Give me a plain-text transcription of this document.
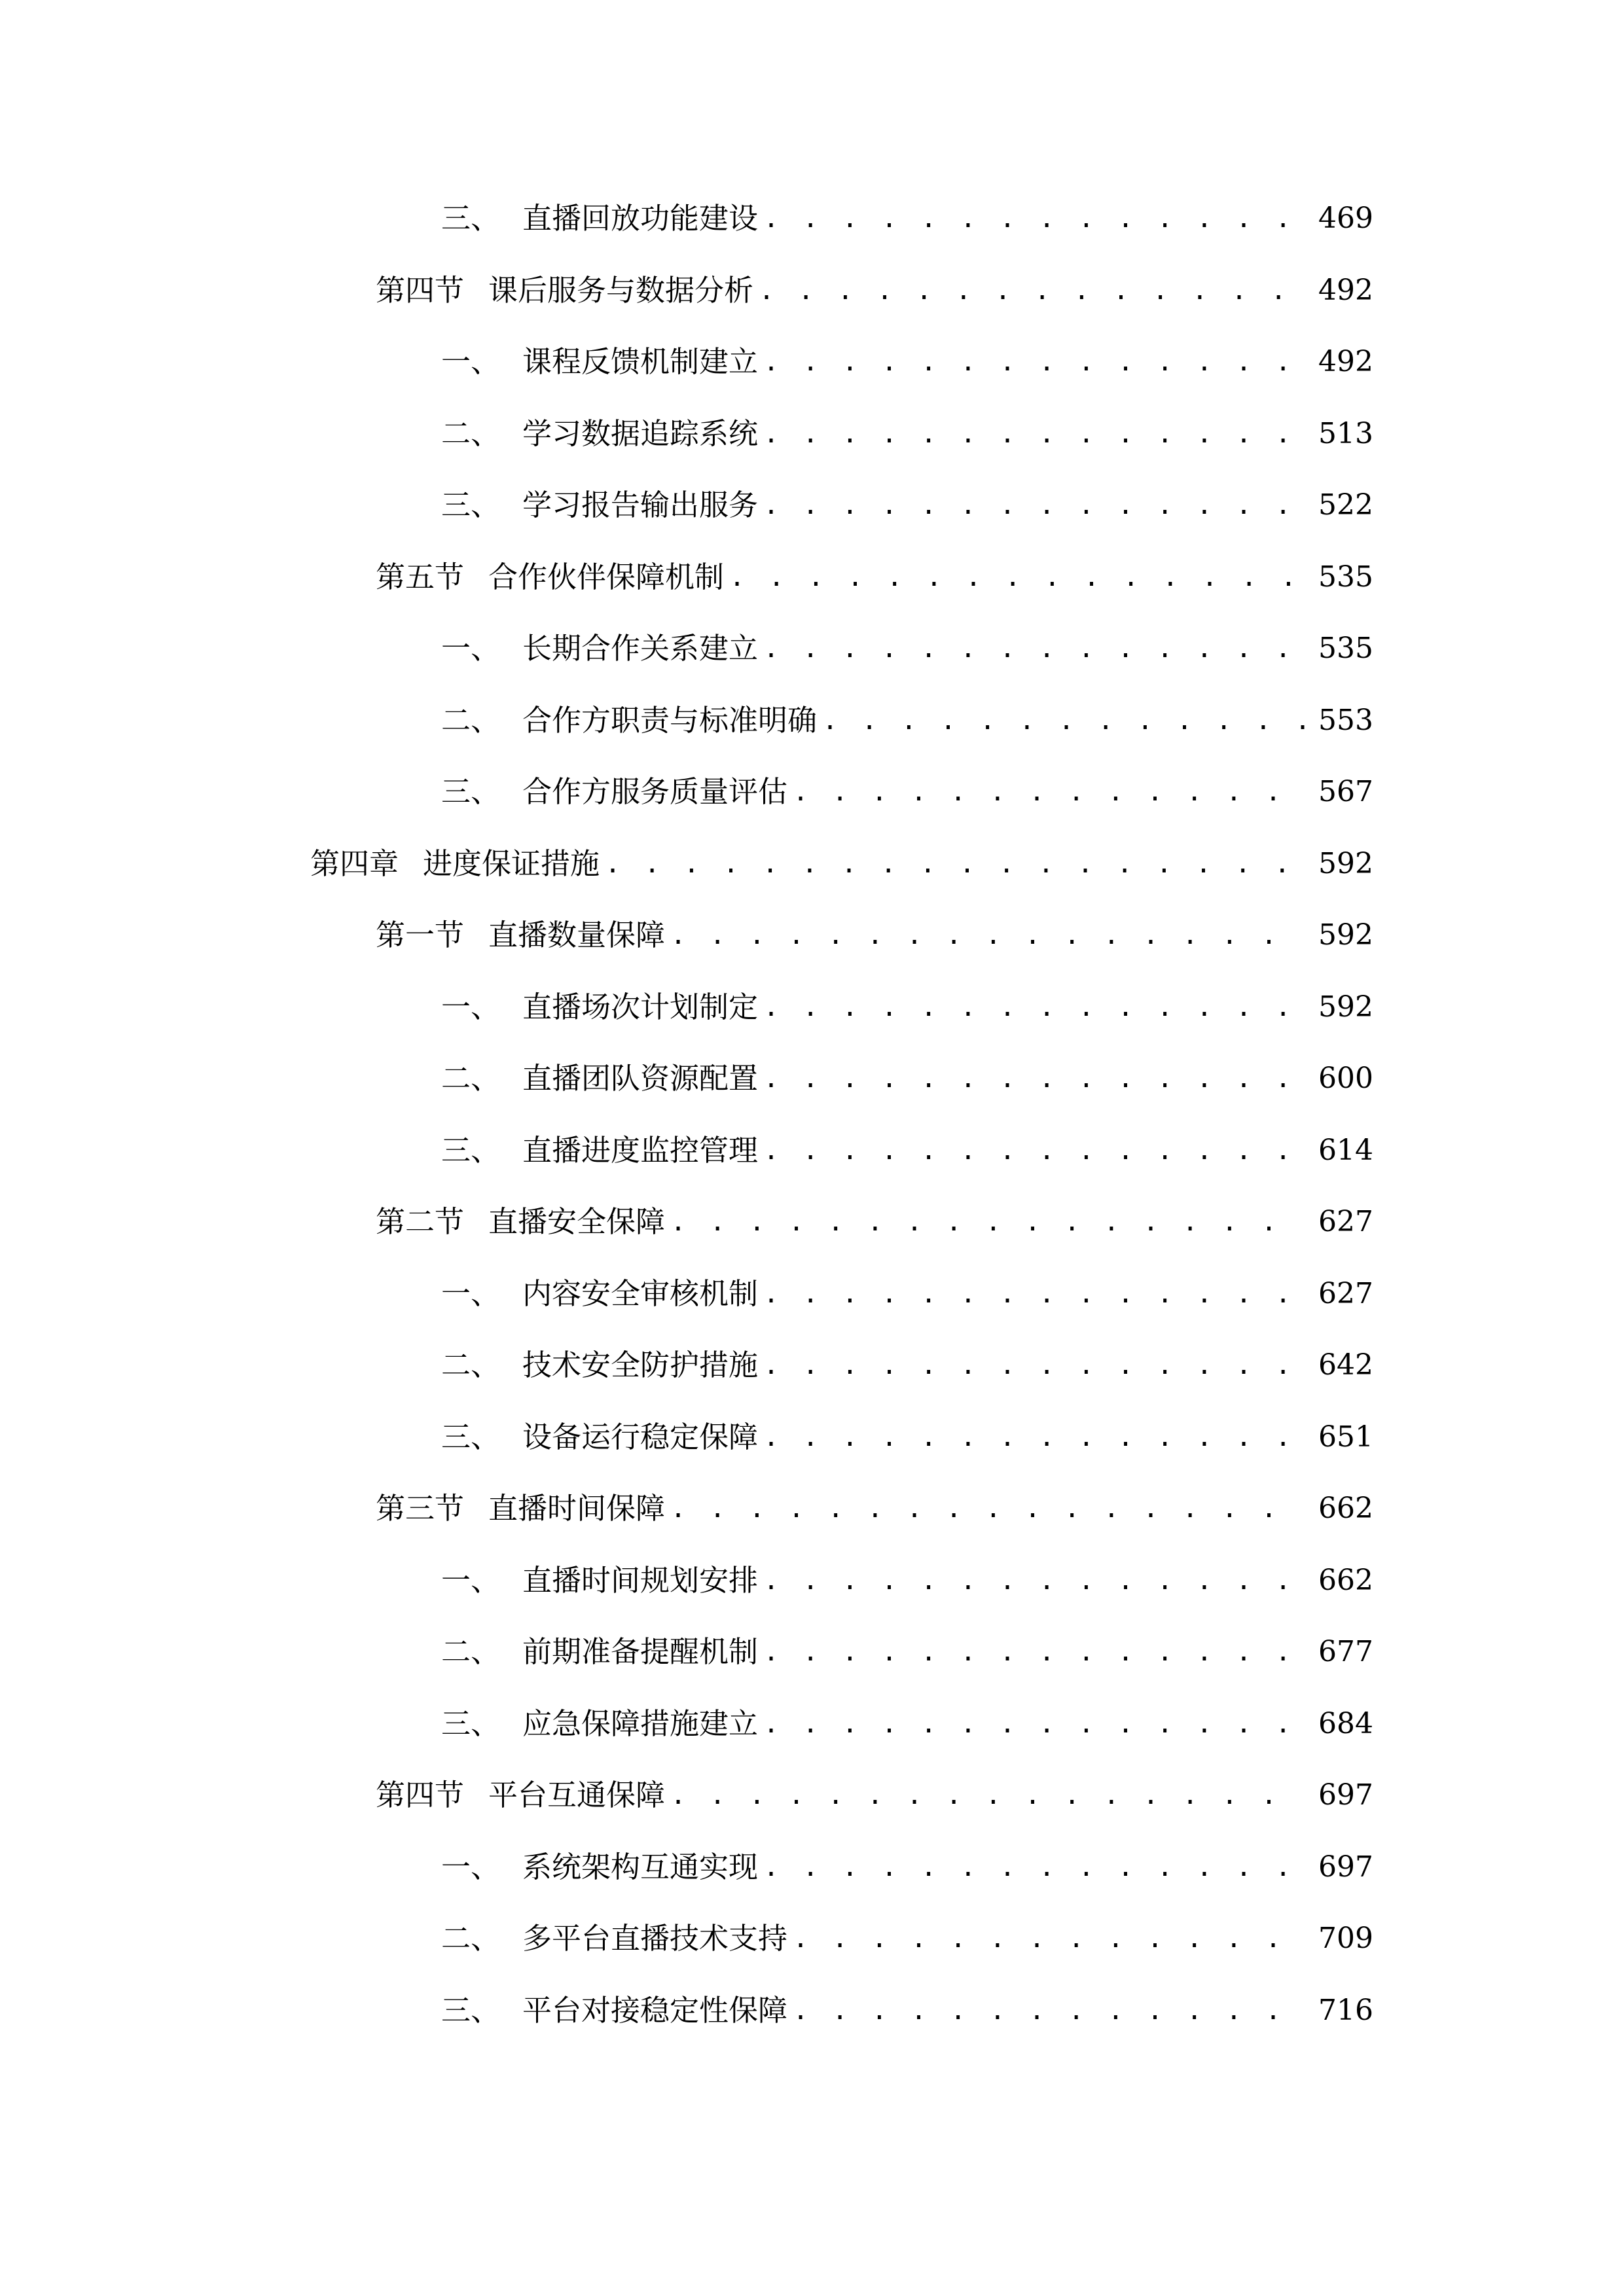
三、 直播回放功能建设 . . .	469
第四节 课后服务与数据分析 . . .	492
一、 课程反馈机制建立 . . .	492
二、 学习数据追踪系统 . . .	513
三、 学习报告输出服务 . . .	522
第五节 合作伙伴保障机制 . . .	535
一、 长期合作关系建立 . . .	535
二、 合作方职责与标准明确 . . .	553
三、 合作方服务质量评估 . . .	567
第四章 进度保证措施 . . .	592
第一节 直播数量保障 . . .	592
一、 直播场次计划制定 . . .	592
二、 直播团队资源配置 . . .	600
三、 直播进度监控管理 . . .	614
第二节 直播安全保障 . . .	627
一、 内容安全审核机制 . . .	627
二、 技术安全防护措施 . . .	642
三、 设备运行稳定保障 . . .	651
第三节 直播时间保障 . . .	662
一、 直播时间规划安排 . . .	662
二、 前期准备提醒机制 . . .	677
三、 应急保障措施建立 . . .	684
第四节 平台互通保障 . . .	697
一、 系统架构互通实现 . . .	697
二、 多平台直播技术支持 . . .	709
三、 平台对接稳定性保障 . . .	716
